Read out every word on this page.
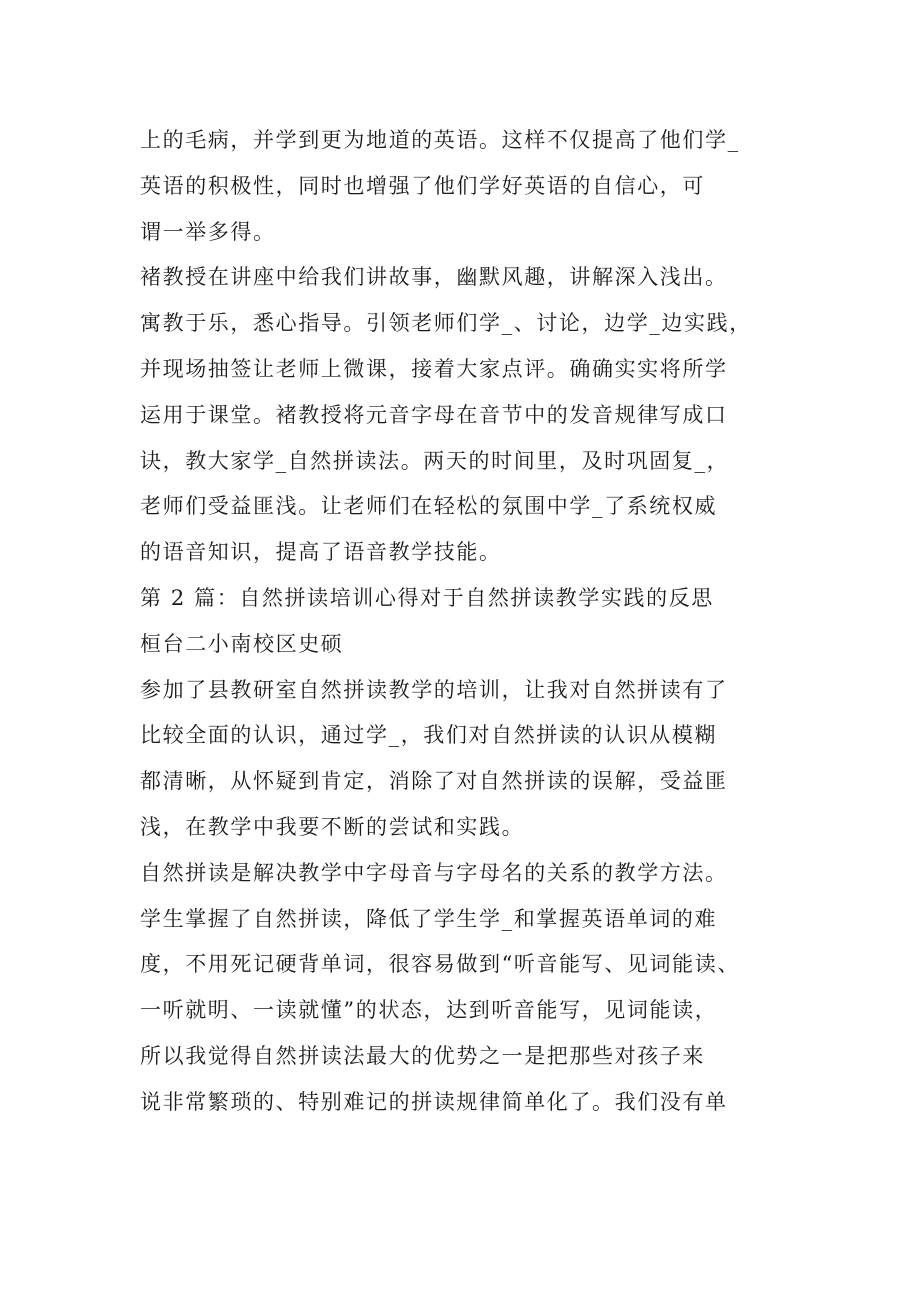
上的毛病，并学到更为地道的英语。这样不仅提高了他们学_
英语的积极性，同时也增强了他们学好英语的自信心，可
谓一举多得。
褚教授在讲座中给我们讲故事，幽默风趣，讲解深入浅出。
寓教于乐，悉心指导。引领老师们学_、讨论，边学_边实践，
并现场抽签让老师上微课，接着大家点评。确确实实将所学
运用于课堂。褚教授将元音字母在音节中的发音规律写成口
诀，教大家学_自然拼读法。两天的时间里，及时巩固复_，
老师们受益匪浅。让老师们在轻松的氛围中学_了系统权威
的语音知识，提高了语音教学技能。
第 2 篇：自然拼读培训心得对于自然拼读教学实践的反思
桓台二小南校区史硕
参加了县教研室自然拼读教学的培训，让我对自然拼读有了
比较全面的认识，通过学_，我们对自然拼读的认识从模糊
都清晰，从怀疑到肯定，消除了对自然拼读的误解，受益匪
浅，在教学中我要不断的尝试和实践。
自然拼读是解决教学中字母音与字母名的关系的教学方法。
学生掌握了自然拼读，降低了学生学_和掌握英语单词的难
度，不用死记硬背单词，很容易做到“听音能写、见词能读、
一听就明、一读就懂”的状态，达到听音能写，见词能读，
所以我觉得自然拼读法最大的优势之一是把那些对孩子来
说非常繁琐的、特别难记的拼读规律简单化了。我们没有单
